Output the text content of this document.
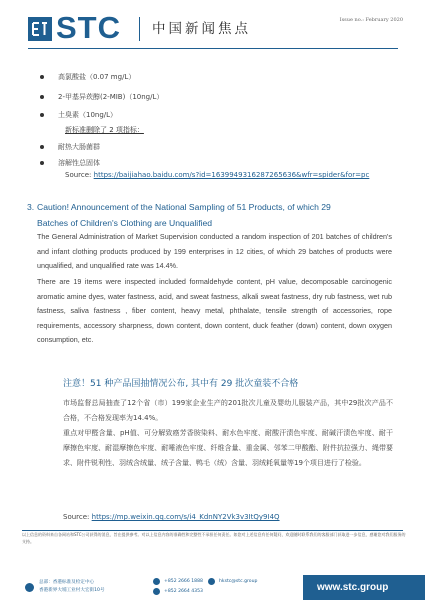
STC 中国新闻焦点
Issue no.: February 2020
高氯酸盐（0.07 mg/L）
2-甲基异莰醇(2-MIB)（10ng/L）
土臭素（10ng/L）
新标准删除了 2 项指标：
耐热大肠菌群
溶解性总固体
Source: https://baijiahao.baidu.com/s?id=1639949316287265636&wfr=spider&for=pc
3. Caution! Announcement of the National Sampling of 51 Products, of which 29
Batches of Children's Clothing are Unqualified
The General Administration of Market Supervision conducted a random inspection of 201 batches of children's and infant clothing products produced by 199 enterprises in 12 cities, of which 29 batches of products were unqualified, and unqualified rate was 14.4%.
There are 19 items were inspected included formaldehyde content, pH value, decomposable carcinogenic aromatic amine dyes, water fastness, acid, and sweat fastness, alkali sweat fastness, dry rub fastness, wet rub fastness, saliva fastness , fiber content, heavy metal, phthalate, tensile strength of accessories, rope requirements, accessory sharpness, down content, down content, duck feather (down) content, down oxygen consumption, etc.
注意！51 种产品国抽情况公布, 其中有 29 批次童装不合格
市场监督总局抽查了12个省（市）199家企业生产的201批次儿童及婴幼儿服装产品，其中29批次产品不合格，不合格发现率为14.4%。
重点对甲醛含量、pH值、可分解致癌芳香胺染料、耐水色牢度、耐酸汗渍色牢度、耐碱汗渍色牢度、耐干摩擦色牢度、耐湿摩擦色牢度、耐唾液色牢度、纤维含量、重金属、邻苯二甲酸酯、附件抗拉强力、绳带要求、附件锐利性、羽绒含绒量、绒子含量、鸭毛（绒）含量、羽绒耗氧量等19个项目进行了检验。
Source: https://mp.weixin.qq.com/s/i4_KdnNY2Vk3v3ItQy9I4Q
以上信息的资料来自各网站和STC公司获得的消息，旨在提供参考。对以上信息内容的准确性和完整性不承担任何责任。如您对上述信息有任何疑问，欢迎随时联系我们的客服部门获取进一步信息，感谢您对我们服务的支持。
总部：香港标准及检定中心
香港新界大埔工业村大宏街10号
+852 2666 1888
+852 2664 4353
hkstc@stc.group
www.stc.group
